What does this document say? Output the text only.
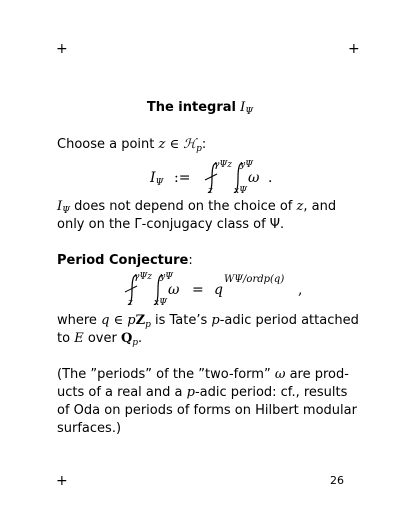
+	+
+	26
The integral $I_\Psi$
Choose a point z ∈ ℋ$_p$:
$I_\Psi$ :=
γΨz
z
yΨ
xΨ
ω .
$I_\Psi$ does not depend on the choice of z, and
only on the Γ-conjugacy class of Ψ.
Period Conjecture:
γΨz
z
yΨ
xΨ
ω = q
WΨ/ordp(q)
,
where q ∈ $pZ_p$ is Tate’s p-adic period attached
to E over $Q_p$.
(The ”periods” of the ”two-form” ω are prod-
ucts of a real and a p-adic period: cf., results
of Oda on periods of forms on Hilbert modular
surfaces.)
